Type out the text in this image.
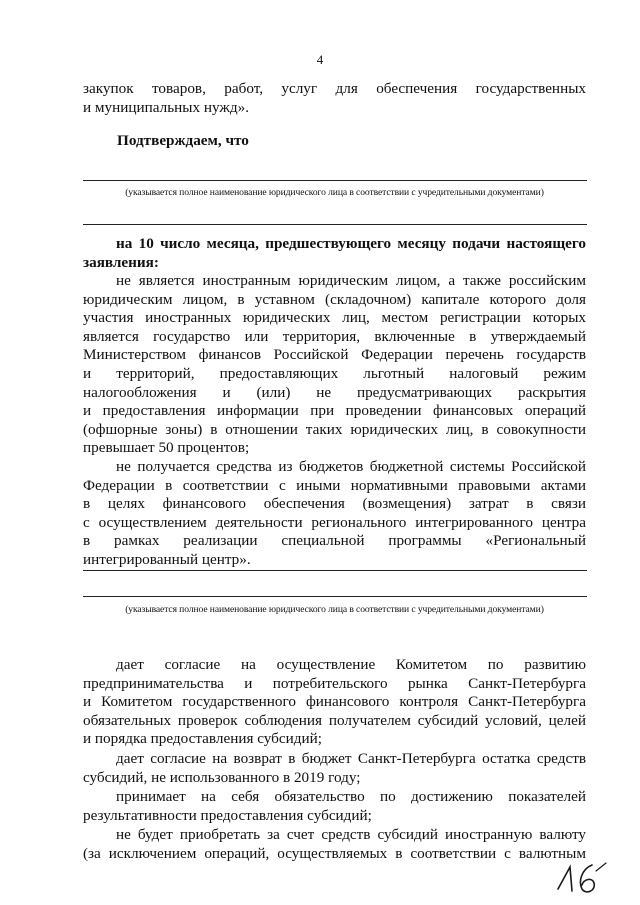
4
закупок товаров, работ, услуг для обеспечения государственных
и муниципальных нужд».
Подтверждаем, что
(указывается полное наименование юридического лица в соответствии с учредительными документами)
на 10 число месяца, предшествующего месяцу подачи настоящего
заявления:
не является иностранным юридическим лицом, а также российским
юридическим лицом, в уставном (складочном) капитале которого доля
участия иностранных юридических лиц, местом регистрации которых
является государство или территория, включенные в утверждаемый
Министерством финансов Российской Федерации перечень государств
и территорий, предоставляющих льготный налоговый режим
налогообложения и (или) не предусматривающих раскрытия
и предоставления информации при проведении финансовых операций
(офшорные зоны) в отношении таких юридических лиц, в совокупности
превышает 50 процентов;
не получается средства из бюджетов бюджетной системы Российской
Федерации в соответствии с иными нормативными правовыми актами
в целях финансового обеспечения (возмещения) затрат в связи
с осуществлением деятельности регионального интегрированного центра
в рамках реализации специальной программы «Региональный
интегрированный центр».
(указывается полное наименование юридического лица в соответствии с учредительными документами)
дает согласие на осуществление Комитетом по развитию
предпринимательства и потребительского рынка Санкт-Петербурга
и Комитетом государственного финансового контроля Санкт-Петербурга
обязательных проверок соблюдения получателем субсидий условий, целей
и порядка предоставления субсидий;
дает согласие на возврат в бюджет Санкт-Петербурга остатка средств
субсидий, не использованного в 2019 году;
принимает на себя обязательство по достижению показателей
результативности предоставления субсидий;
не будет приобретать за счет средств субсидий иностранную валюту
(за исключением операций, осуществляемых в соответствии с валютным
